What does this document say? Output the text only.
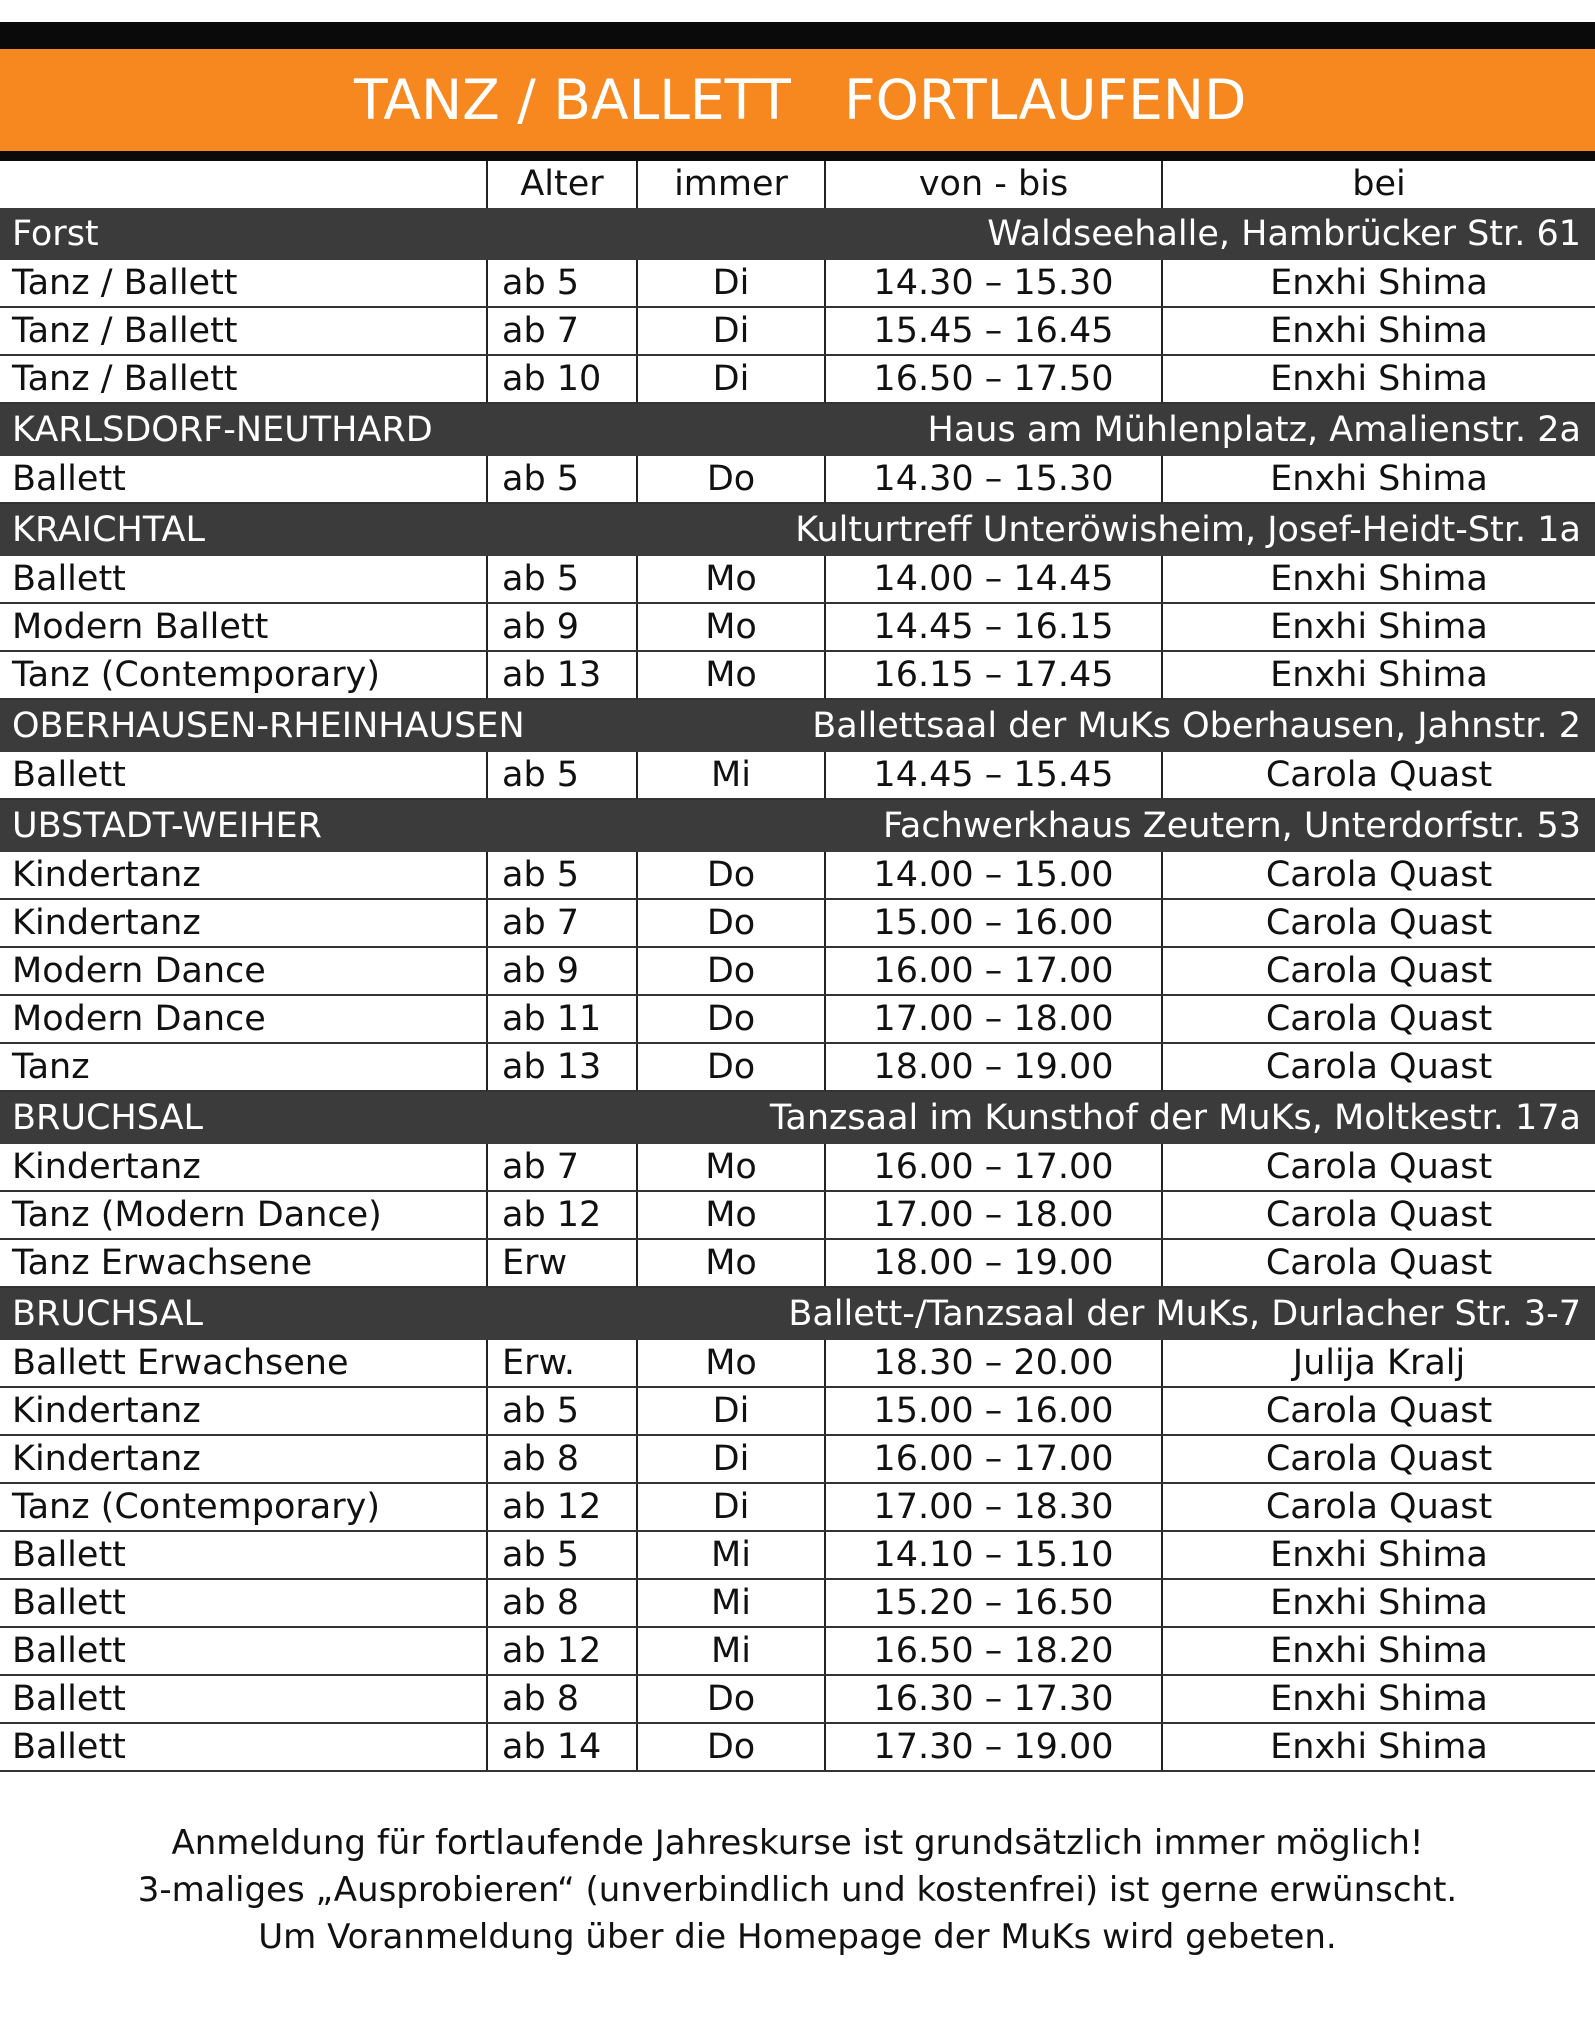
TANZ / BALLETT FORTLAUFEND
	Alter	immer	von - bis	bei
Forst		Waldseehalle, Hambrücker Str. 61		
Tanz / Ballett	ab 5	Di	14.30 – 15.30	Enxhi Shima
Tanz / Ballett	ab 7	Di	15.45 – 16.45	Enxhi Shima
Tanz / Ballett	ab 10	Di	16.50 – 17.50	Enxhi Shima
KARLSDORF-NEUTHARD		Haus am Mühlenplatz, Amalienstr. 2a		
Ballett	ab 5	Do	14.30 – 15.30	Enxhi Shima
KRAICHTAL		Kulturtreff Unteröwisheim, Josef-Heidt-Str. 1a		
Ballett	ab 5	Mo	14.00 – 14.45	Enxhi Shima
Modern Ballett	ab 9	Mo	14.45 – 16.15	Enxhi Shima
Tanz (Contemporary)	ab 13	Mo	16.15 – 17.45	Enxhi Shima
OBERHAUSEN-RHEINHAUSEN		Ballettsaal der MuKs Oberhausen, Jahnstr. 2		
Ballett	ab 5	Mi	14.45 – 15.45	Carola Quast
UBSTADT-WEIHER		Fachwerkhaus Zeutern, Unterdorfstr. 53		
Kindertanz	ab 5	Do	14.00 – 15.00	Carola Quast
Kindertanz	ab 7	Do	15.00 – 16.00	Carola Quast
Modern Dance	ab 9	Do	16.00 – 17.00	Carola Quast
Modern Dance	ab 11	Do	17.00 – 18.00	Carola Quast
Tanz	ab 13	Do	18.00 – 19.00	Carola Quast
BRUCHSAL		Tanzsaal im Kunsthof der MuKs, Moltkestr. 17a		
Kindertanz	ab 7	Mo	16.00 – 17.00	Carola Quast
Tanz (Modern Dance)	ab 12	Mo	17.00 – 18.00	Carola Quast
Tanz Erwachsene	Erw	Mo	18.00 – 19.00	Carola Quast
BRUCHSAL		Ballett-/Tanzsaal der MuKs, Durlacher Str. 3-7		
Ballett Erwachsene	Erw.	Mo	18.30 – 20.00	Julija Kralj
Kindertanz	ab 5	Di	15.00 – 16.00	Carola Quast
Kindertanz	ab 8	Di	16.00 – 17.00	Carola Quast
Tanz (Contemporary)	ab 12	Di	17.00 – 18.30	Carola Quast
Ballett	ab 5	Mi	14.10 – 15.10	Enxhi Shima
Ballett	ab 8	Mi	15.20 – 16.50	Enxhi Shima
Ballett	ab 12	Mi	16.50 – 18.20	Enxhi Shima
Ballett	ab 8	Do	16.30 – 17.30	Enxhi Shima
Ballett	ab 14	Do	17.30 – 19.00	Enxhi Shima
Anmeldung für fortlaufende Jahreskurse ist grundsätzlich immer möglich!
3-maliges „Ausprobieren“ (unverbindlich und kostenfrei) ist gerne erwünscht.
Um Voranmeldung über die Homepage der MuKs wird gebeten.
